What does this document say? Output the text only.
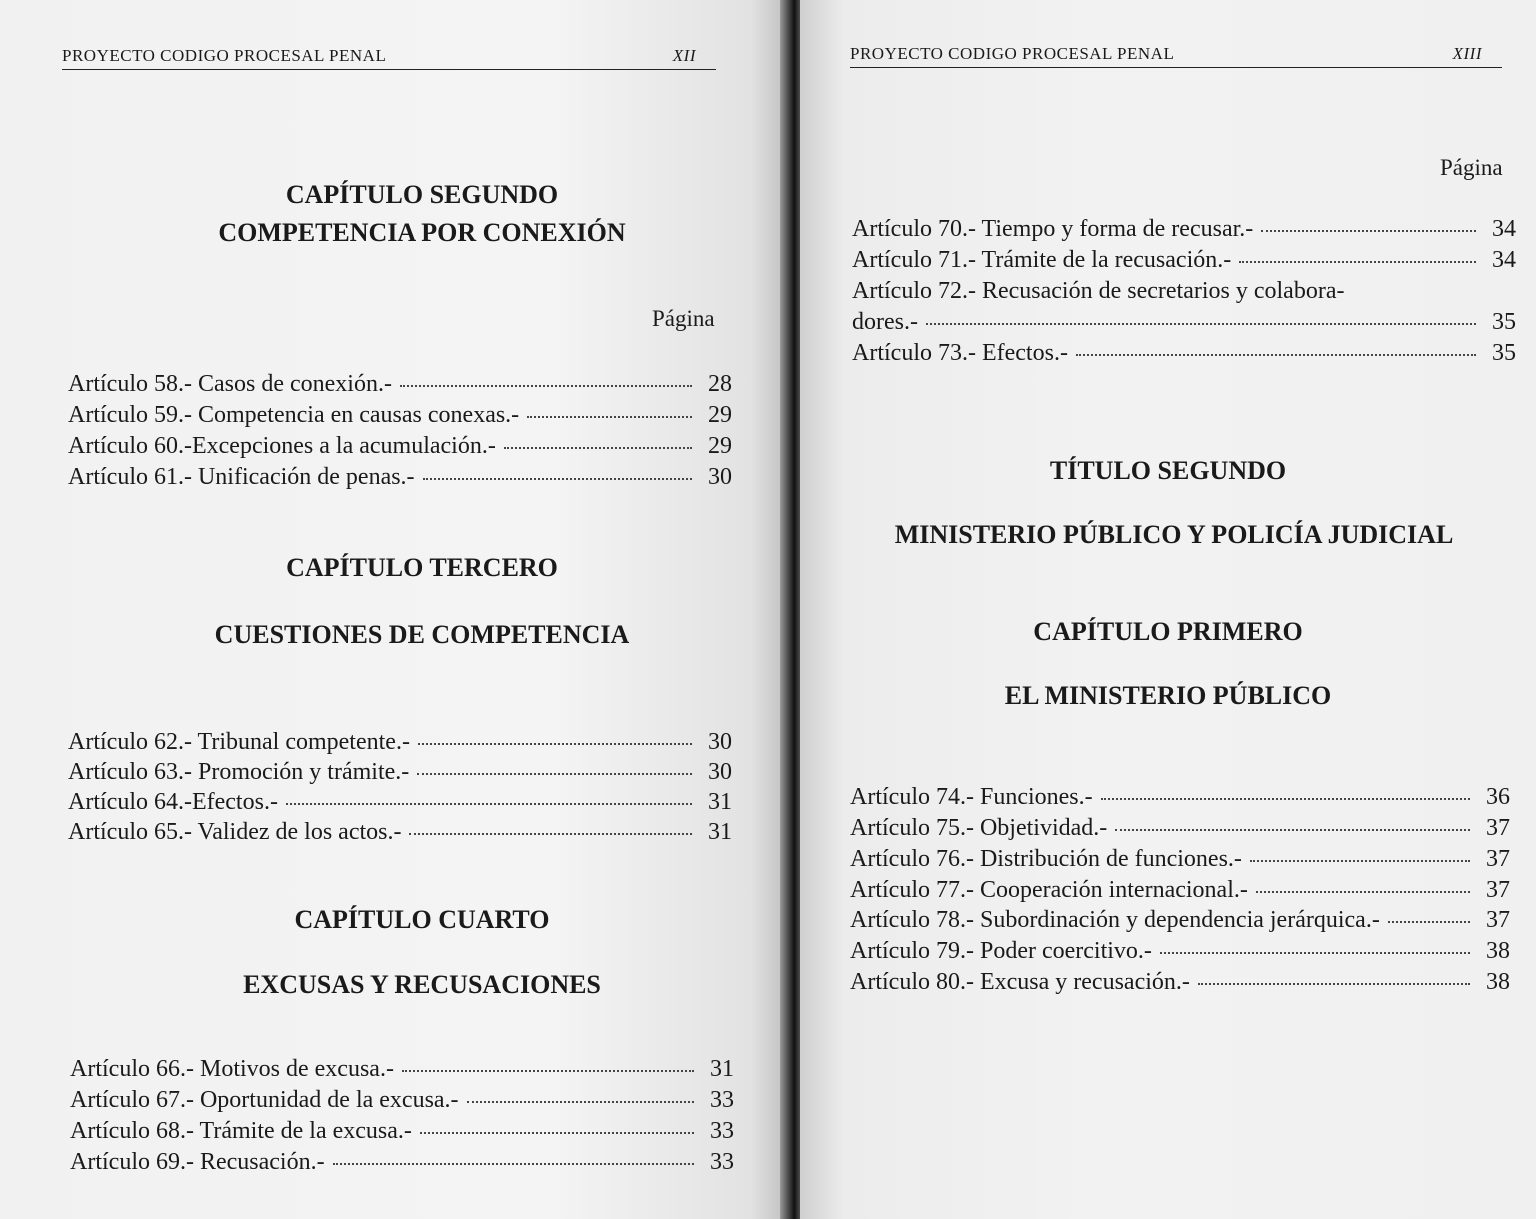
PROYECTO CODIGO PROCESAL PENAL	XII
CAPÍTULO SEGUNDO
COMPETENCIA POR CONEXIÓN
Página
Artículo 58.- Casos de conexión.-	28
Artículo 59.- Competencia en causas conexas.-	29
Artículo 60.-Excepciones a la acumulación.-	29
Artículo 61.- Unificación de penas.-	30
CAPÍTULO TERCERO
CUESTIONES DE COMPETENCIA
Artículo 62.- Tribunal competente.-	30
Artículo 63.- Promoción y trámite.-	30
Artículo 64.-Efectos.-	31
Artículo 65.- Validez de los actos.-	31
CAPÍTULO CUARTO
EXCUSAS Y RECUSACIONES
Artículo 66.- Motivos de excusa.-	31
Artículo 67.- Oportunidad de la excusa.-	33
Artículo 68.- Trámite de la excusa.-	33
Artículo 69.- Recusación.-	33
PROYECTO CODIGO PROCESAL PENAL	XIII
Página
Artículo 70.- Tiempo y forma de recusar.-	34
Artículo 71.- Trámite de la recusación.-	34
Artículo 72.- Recusación de secretarios y colabora-
dores.-	35
Artículo 73.- Efectos.-	35
TÍTULO SEGUNDO
MINISTERIO PÚBLICO Y POLICÍA JUDICIAL
CAPÍTULO PRIMERO
EL MINISTERIO PÚBLICO
Artículo 74.- Funciones.-	36
Artículo 75.- Objetividad.-	37
Artículo 76.- Distribución de funciones.-	37
Artículo 77.- Cooperación internacional.-	37
Artículo 78.- Subordinación y dependencia jerárquica.-	37
Artículo 79.- Poder coercitivo.-	38
Artículo 80.- Excusa y recusación.-	38
